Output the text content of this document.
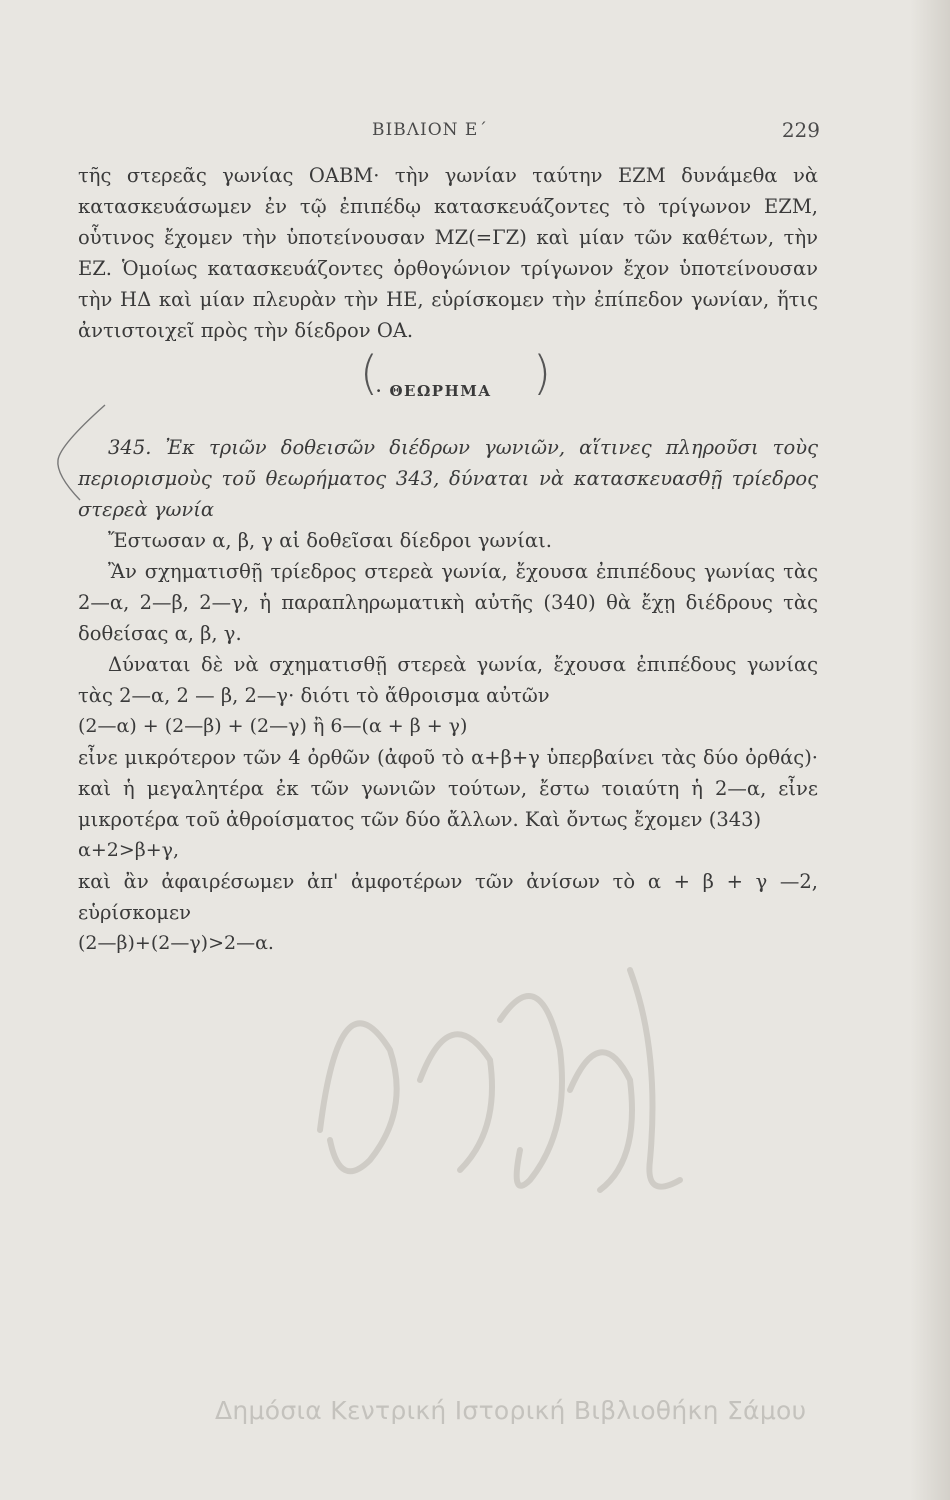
ΒΙΒΛΙΟΝ Ε΄	229

τῆς στερεᾶς γωνίας ΟΑΒΜ· τὴν γωνίαν ταύτην ΕΖΜ δυνάμεθα νὰ κατασκευάσωμεν ἐν τῷ ἐπιπέδῳ κατασκευάζοντες τὸ τρίγωνον ΕΖΜ, οὗτινος ἔχομεν τὴν ὑποτείνουσαν ΜΖ(=ΓΖ) καὶ μίαν τῶν καθέτων, τὴν ΕΖ. Ὁμοίως κατασκευάζοντες ὀρθογώνιον τρίγωνον ἔχον ὑποτείνουσαν τὴν ΗΔ καὶ μίαν πλευρὰν τὴν ΗΕ, εὑρίσκομεν τὴν ἐπίπεδον γωνίαν, ἥτις ἀντιστοιχεῖ πρὸς τὴν δίεδρον ΟΑ.

(
· ΘΕΩΡΗΜΑ )

345. Ἐκ τριῶν δοθεισῶν διέδρων γωνιῶν, αἵτινες πληροῦσι τοὺς περιορισμοὺς τοῦ θεωρήματος 343, δύναται νὰ κατασκευασθῇ τρίεδρος στερεὰ γωνία

Ἔστωσαν α, β, γ αἱ δοθεῖσαι δίεδροι γωνίαι.

Ἂν σχηματισθῇ τρίεδρος στερεὰ γωνία, ἔχουσα ἐπιπέδους γωνίας τὰς 2—α, 2—β, 2—γ, ἡ παραπληρωματικὴ αὐτῆς (340) θὰ ἔχῃ διέδρους τὰς δοθείσας α, β, γ.

Δύναται δὲ νὰ σχηματισθῇ στερεὰ γωνία, ἔχουσα ἐπιπέδους γωνίας τὰς 2—α, 2 — β, 2—γ· διότι τὸ ἄθροισμα αὐτῶν

(2—α) + (2—β) + (2—γ) ἢ 6—(α + β + γ)

εἶνε μικρότερον τῶν 4 ὀρθῶν (ἀφοῦ τὸ α+β+γ ὑπερβαίνει τὰς δύο ὀρθάς)· καὶ ἡ μεγαλητέρα ἐκ τῶν γωνιῶν τούτων, ἔστω τοιαύτη ἡ 2—α, εἶνε μικροτέρα τοῦ ἀθροίσματος τῶν δύο ἄλλων. Καὶ ὄντως ἔχομεν (343)

α+2>β+γ,

καὶ ἂν ἀφαιρέσωμεν ἀπ' ἀμφοτέρων τῶν ἀνίσων τὸ α + β + γ —2, εὑρίσκομεν

(2—β)+(2—γ)>2—α.

Δημόσια Κεντρική Ιστορική Βιβλιοθήκη Σάμου
